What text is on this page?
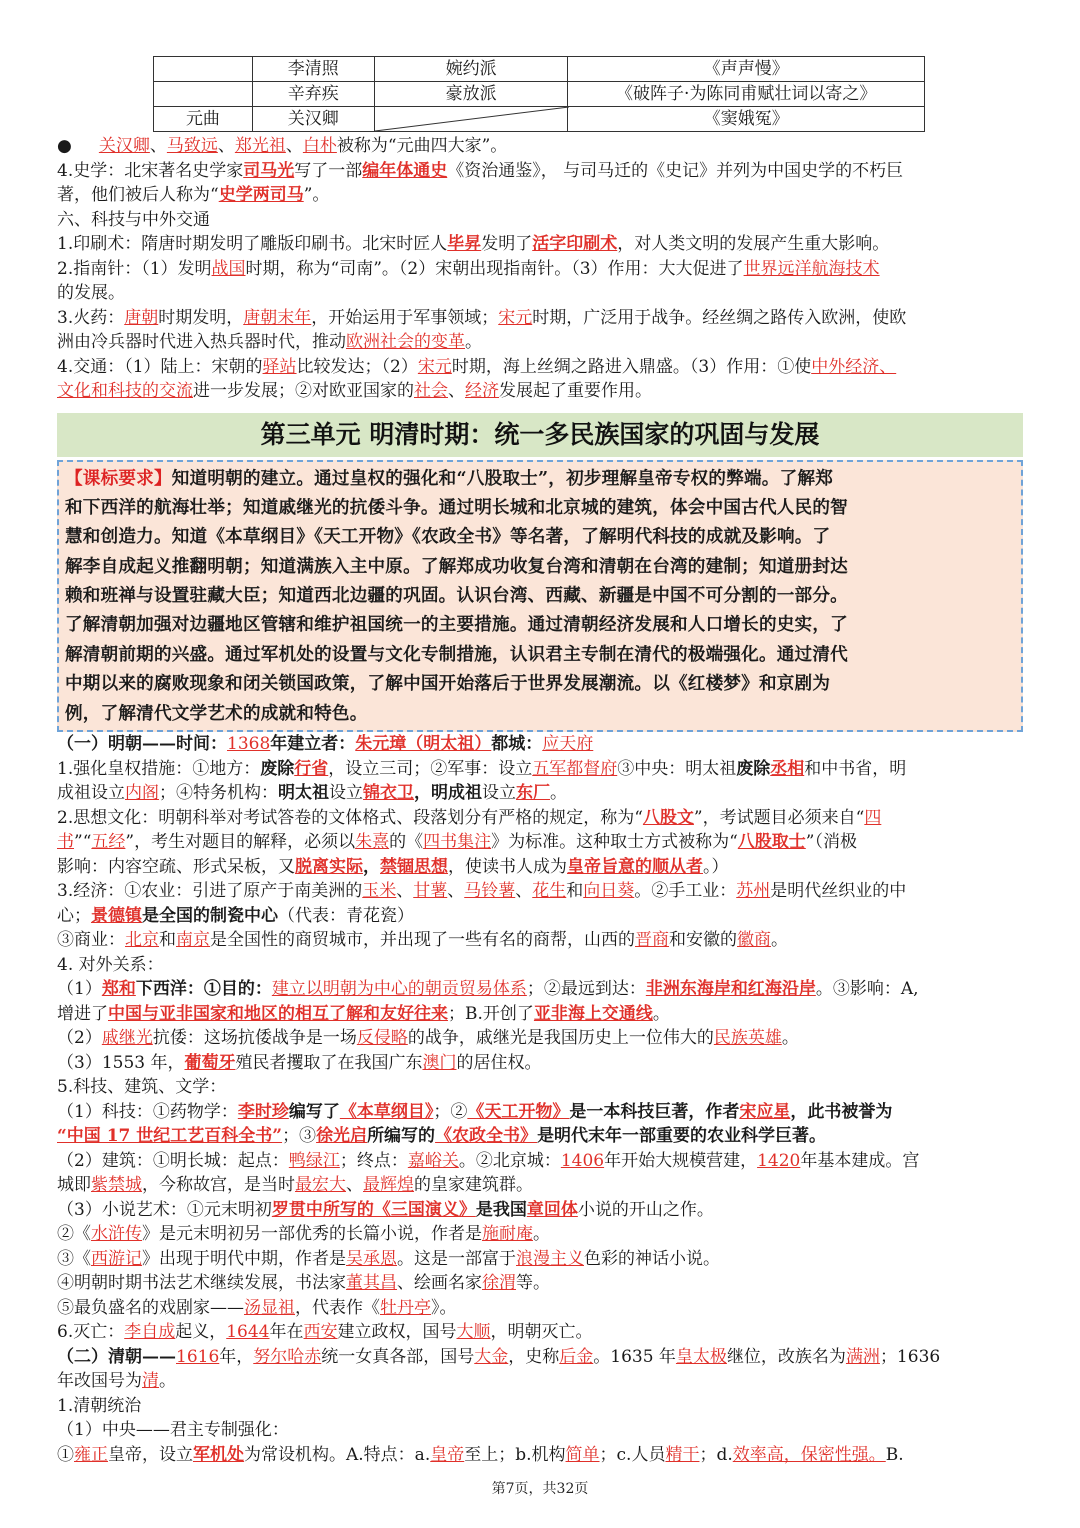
	李清照	婉约派	《声声慢》
	辛弃疾	豪放派	《破阵子·为陈同甫赋壮词以寄之》
元曲	关汉卿		《窦娥冤》
● 关汉卿、马致远、郑光祖、白朴被称为“元曲四大家”。
4.史学：北宋著名史学家司马光写了一部编年体通史《资治通鉴》， 与司马迁的《史记》并列为中国史学的不朽巨
著，他们被后人称为“史学两司马”。
六、科技与中外交通
1.印刷术：隋唐时期发明了雕版印刷书。北宋时匠人毕昇发明了活字印刷术，对人类文明的发展产生重大影响。
2.指南针：（1）发明战国时期，称为“司南”。（2）宋朝出现指南针。（3）作用：大大促进了世界远洋航海技术
的发展。
3.火药：唐朝时期发明，唐朝末年，开始运用于军事领域；宋元时期，广泛用于战争。经丝绸之路传入欧洲，使欧
洲由冷兵器时代进入热兵器时代，推动欧洲社会的变革。
4.交通：（1）陆上：宋朝的驿站比较发达；（2）宋元时期，海上丝绸之路进入鼎盛。（3）作用：①使中外经济、
文化和科技的交流进一步发展；②对欧亚国家的社会、经济发展起了重要作用。
第三单元 明清时期：统一多民族国家的巩固与发展
【课标要求】知道明朝的建立。通过皇权的强化和“八股取士”，初步理解皇帝专权的弊端。了解郑
和下西洋的航海壮举；知道戚继光的抗倭斗争。通过明长城和北京城的建筑，体会中国古代人民的智
慧和创造力。知道《本草纲目》《天工开物》《农政全书》等名著，了解明代科技的成就及影响。了
解李自成起义推翻明朝；知道满族入主中原。了解郑成功收复台湾和清朝在台湾的建制；知道册封达
赖和班禅与设置驻藏大臣；知道西北边疆的巩固。认识台湾、西藏、新疆是中国不可分割的一部分。
了解清朝加强对边疆地区管辖和维护祖国统一的主要措施。通过清朝经济发展和人口增长的史实，了
解清朝前期的兴盛。通过军机处的设置与文化专制措施，认识君主专制在清代的极端强化。通过清代
中期以来的腐败现象和闭关锁国政策，了解中国开始落后于世界发展潮流。以《红楼梦》和京剧为
例，了解清代文学艺术的成就和特色。
（一）明朝——时间：1368年建立者：朱元璋（明太祖）都城：应天府
1.强化皇权措施：①地方：废除行省，设立三司；②军事：设立五军都督府③中央：明太祖废除丞相和中书省，明
成祖设立内阁；④特务机构：明太祖设立锦衣卫，明成祖设立东厂。
2.思想文化：明朝科举对考试答卷的文体格式、段落划分有严格的规定，称为“八股文”，考试题目必须来自“四
书”“五经”，考生对题目的解释，必须以朱熹的《四书集注》为标准。这种取士方式被称为“八股取士”（消极
影响：内容空疏、形式呆板，又脱离实际，禁锢思想，使读书人成为皇帝旨意的顺从者。）
3.经济：①农业：引进了原产于南美洲的玉米、甘薯、马铃薯、花生和向日葵。②手工业：苏州是明代丝织业的中
心；景德镇是全国的制瓷中心（代表：青花瓷）
③商业：北京和南京是全国性的商贸城市，并出现了一些有名的商帮，山西的晋商和安徽的徽商。
4. 对外关系：
（1）郑和下西洋：①目的：建立以明朝为中心的朝贡贸易体系；②最远到达：非洲东海岸和红海沿岸。③影响：A,
增进了中国与亚非国家和地区的相互了解和友好往来；B.开创了亚非海上交通线。
（2）戚继光抗倭：这场抗倭战争是一场反侵略的战争，戚继光是我国历史上一位伟大的民族英雄。
（3）1553 年，葡萄牙殖民者攫取了在我国广东澳门的居住权。
5.科技、建筑、文学：
（1）科技：①药物学：李时珍编写了《本草纲目》；②《天工开物》是一本科技巨著，作者宋应星，此书被誉为
“中国 17 世纪工艺百科全书”；③徐光启所编写的《农政全书》是明代末年一部重要的农业科学巨著。
（2）建筑：①明长城：起点：鸭绿江；终点：嘉峪关。②北京城：1406年开始大规模营建，1420年基本建成。宫
城即紫禁城，今称故宫，是当时最宏大、最辉煌的皇家建筑群。
（3）小说艺术：①元末明初罗贯中所写的《三国演义》是我国章回体小说的开山之作。
②《水浒传》是元末明初另一部优秀的长篇小说，作者是施耐庵。
③《西游记》出现于明代中期，作者是吴承恩。这是一部富于浪漫主义色彩的神话小说。
④明朝时期书法艺术继续发展，书法家董其昌、绘画名家徐渭等。
⑤最负盛名的戏剧家——汤显祖，代表作《牡丹亭》。
6.灭亡：李自成起义，1644年在西安建立政权，国号大顺，明朝灭亡。
（二）清朝——1616年，努尔哈赤统一女真各部，国号大金，史称后金。1635 年皇太极继位，改族名为满洲；1636
年改国号为清。
1.清朝统治
（1）中央——君主专制强化：
①雍正皇帝，设立军机处为常设机构。A.特点：a.皇帝至上；b.机构简单；c.人员精干；d.效率高，保密性强。B.
第7页，共32页
